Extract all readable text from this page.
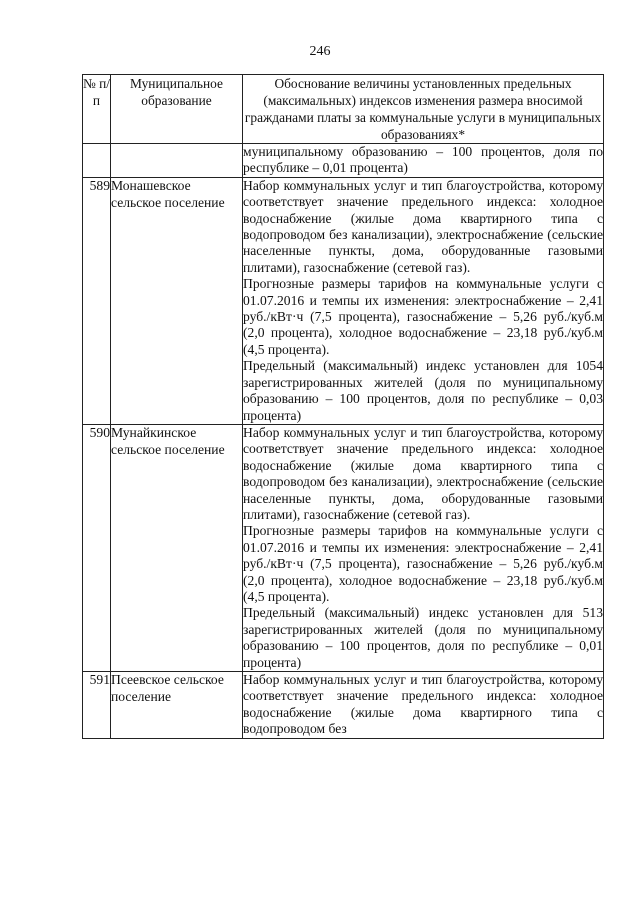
246
№ п/п	Муниципальное образование	Обоснование величины установленных предельных (максимальных) индексов изменения размера вносимой гражданами платы за коммунальные услуги в муниципальных образованиях*

		муниципальному образованию – 100 процентов, доля по республике – 0,01 процента)

589	Монашевское сельское поселение	Набор коммунальных услуг и тип благоустройства, которому соответствует значение предельного индекса: холодное водоснабжение (жилые дома квартирного типа с водопроводом без канализации), электроснабжение (сельские населенные пункты, дома, оборудованные газовыми плитами), газоснабжение (сетевой газ).

Прогнозные размеры тарифов на коммунальные услуги с 01.07.2016 и темпы их изменения: электроснабжение – 2,41 руб./кВт·ч (7,5 процента), газоснабжение – 5,26 руб./куб.м (2,0 процента), холодное водоснабжение – 23,18 руб./куб.м (4,5 процента).

Предельный (максимальный) индекс установлен для 1054 зарегистрированных жителей (доля по муниципальному образованию – 100 процентов, доля по республике – 0,03 процента)

590	Мунайкинское сельское поселение	Набор коммунальных услуг и тип благоустройства, которому соответствует значение предельного индекса: холодное водоснабжение (жилые дома квартирного типа с водопроводом без канализации), электроснабжение (сельские населенные пункты, дома, оборудованные газовыми плитами), газоснабжение (сетевой газ).

Прогнозные размеры тарифов на коммунальные услуги с 01.07.2016 и темпы их изменения: электроснабжение – 2,41 руб./кВт·ч (7,5 процента), газоснабжение – 5,26 руб./куб.м (2,0 процента), холодное водоснабжение – 23,18 руб./куб.м (4,5 процента).

Предельный (максимальный) индекс установлен для 513 зарегистрированных жителей (доля по муниципальному образованию – 100 процентов, доля по республике – 0,01 процента)

591	Псеевское сельское поселение	Набор коммунальных услуг и тип благоустройства, которому соответствует значение предельного индекса: холодное водоснабжение (жилые дома квартирного типа с водопроводом без
